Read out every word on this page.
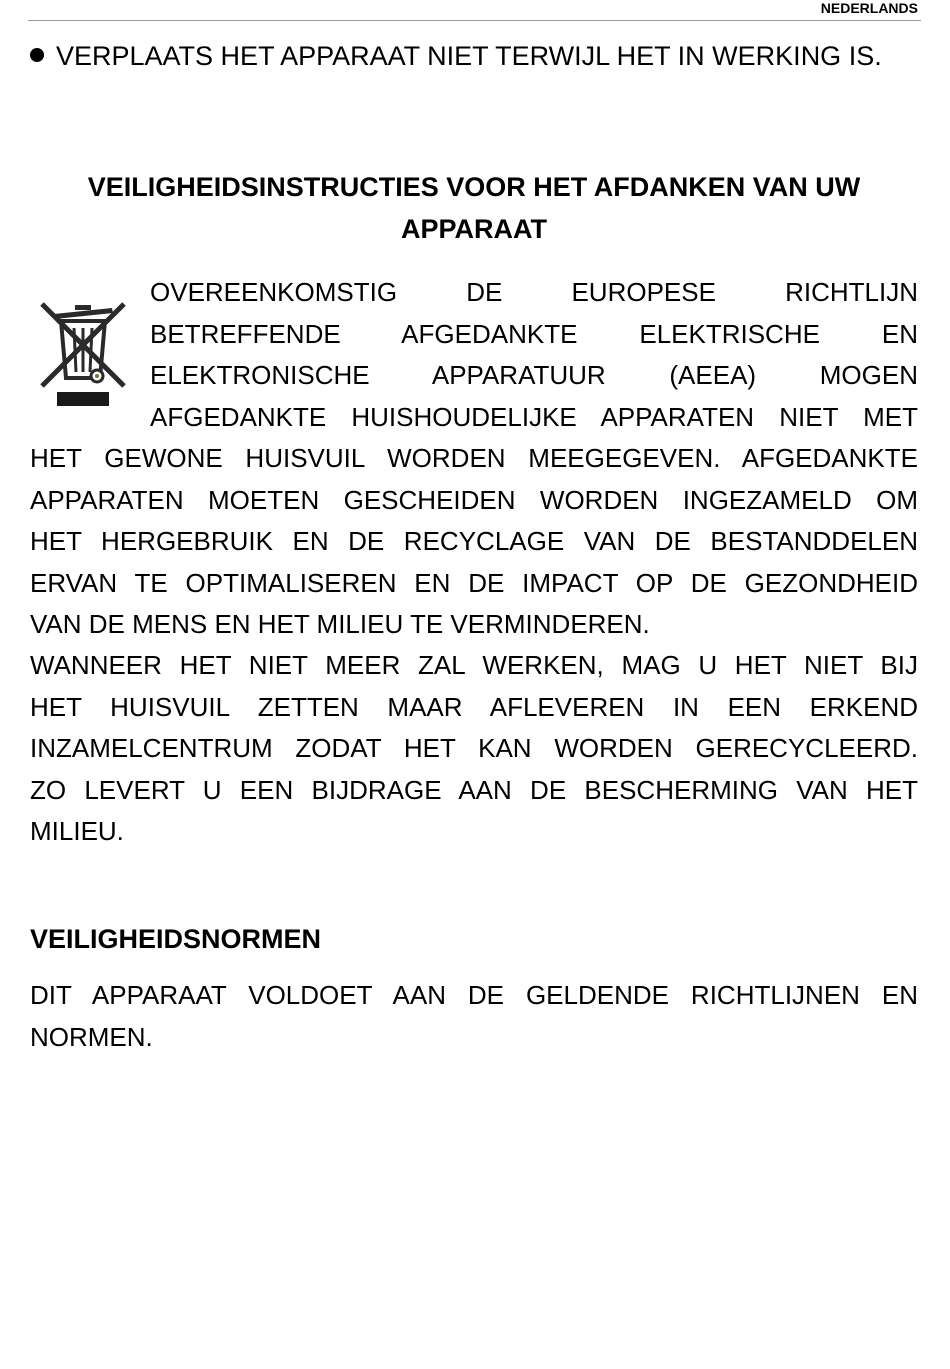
NEDERLANDS
VERPLAATS HET APPARAAT NIET TERWIJL HET IN WERKING IS.
VEILIGHEIDSINSTRUCTIES VOOR HET AFDANKEN VAN UW
APPARAAT
OVEREENKOMSTIG DE EUROPESE RICHTLIJN
BETREFFENDE AFGEDANKTE ELEKTRISCHE EN
ELEKTRONISCHE APPARATUUR (AEEA) MOGEN
AFGEDANKTE HUISHOUDELIJKE APPARATEN NIET MET
HET GEWONE HUISVUIL WORDEN MEEGEGEVEN. AFGEDANKTE
APPARATEN MOETEN GESCHEIDEN WORDEN INGEZAMELD OM
HET HERGEBRUIK EN DE RECYCLAGE VAN DE BESTANDDELEN
ERVAN TE OPTIMALISEREN EN DE IMPACT OP DE GEZONDHEID
VAN DE MENS EN HET MILIEU TE VERMINDEREN.
WANNEER HET NIET MEER ZAL WERKEN, MAG U HET NIET BIJ
HET HUISVUIL ZETTEN MAAR AFLEVEREN IN EEN ERKEND
INZAMELCENTRUM ZODAT HET KAN WORDEN GERECYCLEERD.
ZO LEVERT U EEN BIJDRAGE AAN DE BESCHERMING VAN HET
MILIEU.
VEILIGHEIDSNORMEN
DIT APPARAAT VOLDOET AAN DE GELDENDE RICHTLIJNEN EN
NORMEN.
